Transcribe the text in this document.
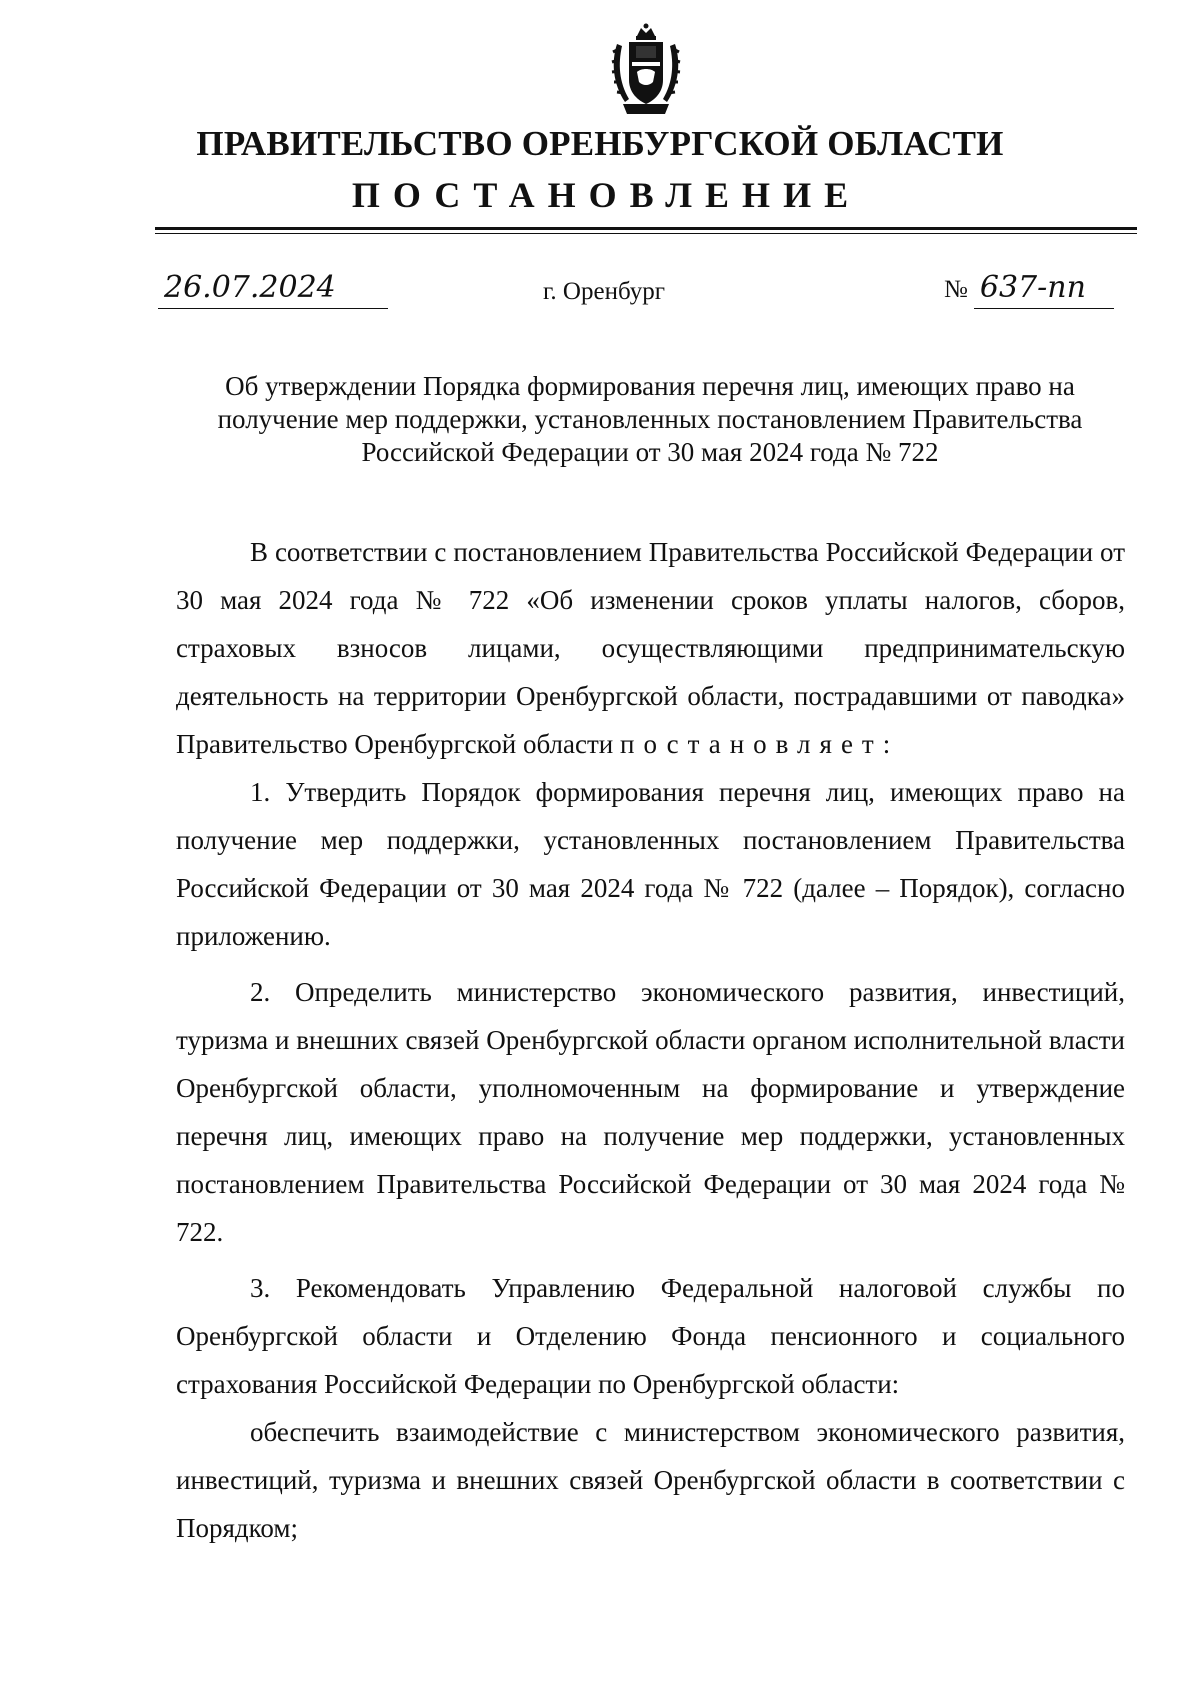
ПРАВИТЕЛЬСТВО ОРЕНБУРГСКОЙ ОБЛАСТИ
ПОСТАНОВЛЕНИЕ
26.07.2024	г. Оренбург	№ 637-пп
Об утверждении Порядка формирования перечня лиц, имеющих право на
получение мер поддержки, установленных постановлением Правительства
Российской Федерации от 30 мая 2024 года № 722

В соответствии с постановлением Правительства Российской Федерации от 30 мая 2024 года № 722 «Об изменении сроков уплаты налогов, сборов, страховых взносов лицами, осуществляющими предпринимательскую деятельность на территории Оренбургской области, пострадавшими от паводка» Правительство Оренбургской области постановляет:

1. Утвердить Порядок формирования перечня лиц, имеющих право на получение мер поддержки, установленных постановлением Правительства Российской Федерации от 30 мая 2024 года № 722 (далее – Порядок), согласно приложению.

2. Определить министерство экономического развития, инвестиций, туризма и внешних связей Оренбургской области органом исполнительной власти Оренбургской области, уполномоченным на формирование и утверждение перечня лиц, имеющих право на получение мер поддержки, установленных постановлением Правительства Российской Федерации от 30 мая 2024 года № 722.

3. Рекомендовать Управлению Федеральной налоговой службы по Оренбургской области и Отделению Фонда пенсионного и социального страхования Российской Федерации по Оренбургской области:

обеспечить взаимодействие с министерством экономического развития, инвестиций, туризма и внешних связей Оренбургской области в соответствии с Порядком;
